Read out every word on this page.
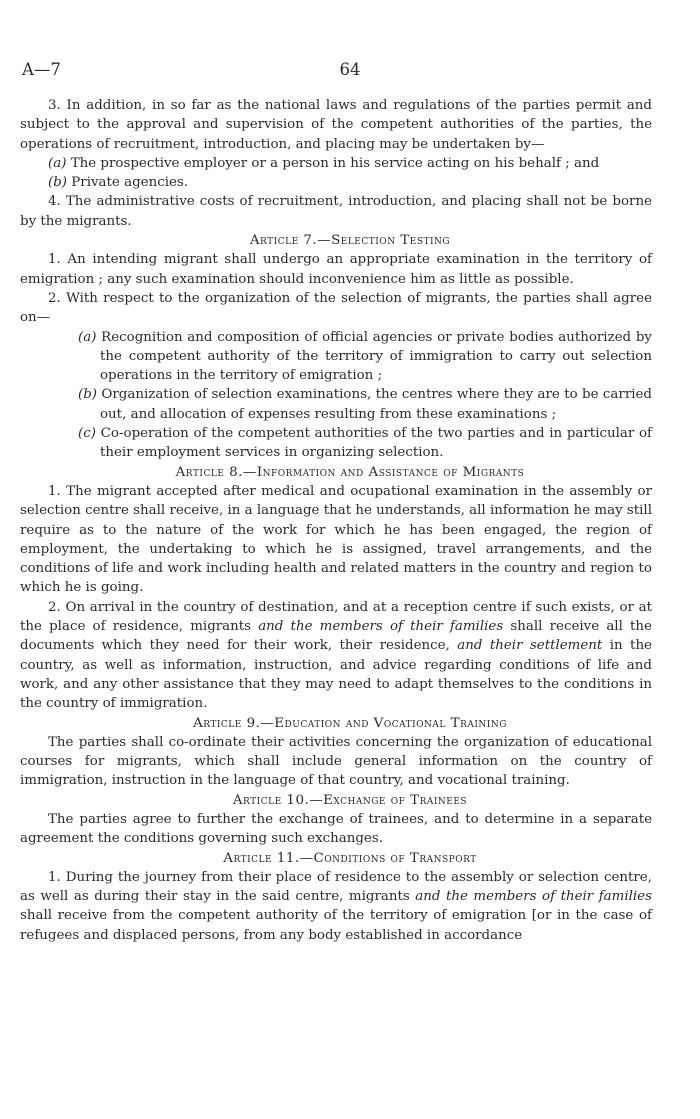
A—7	64

3. In addition, in so far as the national laws and regulations of the parties permit and subject to the approval and supervision of the competent authorities of the parties, the operations of recruitment, introduction, and placing may be undertaken by—

(a) The prospective employer or a person in his service acting on his behalf ; and

(b) Private agencies.

4. The administrative costs of recruitment, introduction, and placing shall not be borne by the migrants.

Article 7.—Selection Testing

1. An intending migrant shall undergo an appropriate examination in the territory of emigration ; any such examination should inconvenience him as little as possible.

2. With respect to the organization of the selection of migrants, the parties shall agree on—

(a) Recognition and composition of official agencies or private bodies authorized by the competent authority of the territory of immigration to carry out selection operations in the territory of emigration ;

(b) Organization of selection examinations, the centres where they are to be carried out, and allocation of expenses resulting from these examinations ;

(c) Co-operation of the competent authorities of the two parties and in particular of their employment services in organizing selection.

Article 8.—Information and Assistance of Migrants

1. The migrant accepted after medical and ocupational examination in the assembly or selection centre shall receive, in a language that he understands, all information he may still require as to the nature of the work for which he has been engaged, the region of employment, the undertaking to which he is assigned, travel arrangements, and the conditions of life and work including health and related matters in the country and region to which he is going.

2. On arrival in the country of destination, and at a reception centre if such exists, or at the place of residence, migrants and the members of their families shall receive all the documents which they need for their work, their residence, and their settlement in the country, as well as information, instruction, and advice regarding conditions of life and work, and any other assistance that they may need to adapt themselves to the conditions in the country of immigration.

Article 9.—Education and Vocational Training

The parties shall co-ordinate their activities concerning the organization of educational courses for migrants, which shall include general information on the country of immigration, instruction in the language of that country, and vocational training.

Article 10.—Exchange of Trainees

The parties agree to further the exchange of trainees, and to determine in a separate agreement the conditions governing such exchanges.

Article 11.—Conditions of Transport

1. During the journey from their place of residence to the assembly or selection centre, as well as during their stay in the said centre, migrants and the members of their families shall receive from the competent authority of the territory of emigration [or in the case of refugees and displaced persons, from any body established in accordance
